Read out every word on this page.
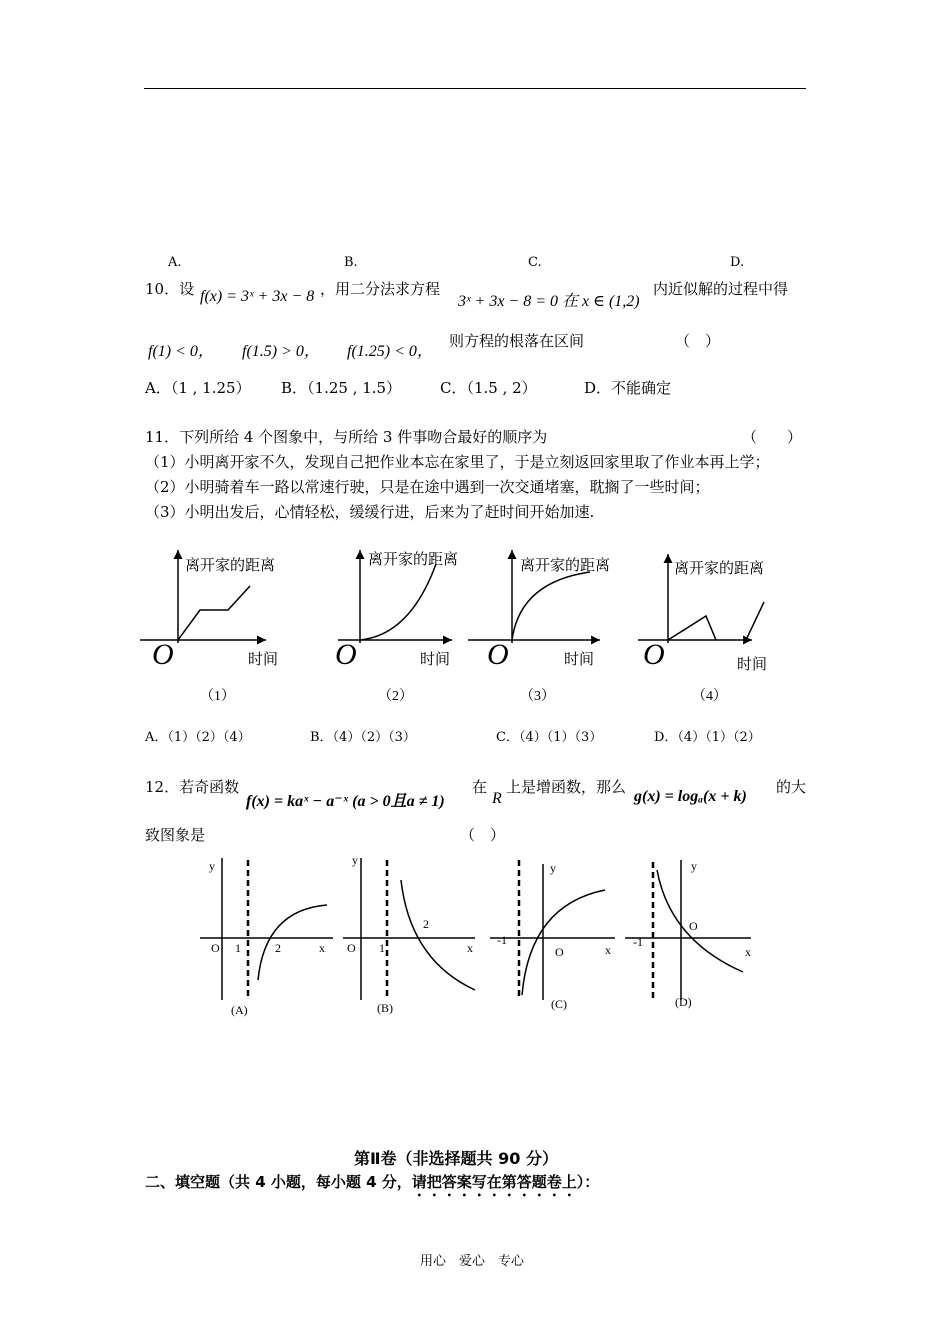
A.	B.	C.	D.
10．设 f(x) = 3ˣ + 3x − 8 ，用二分法求方程
3ˣ + 3x − 8 = 0 在 x ∈ (1,2)
内近似解的过程中得
f(1) < 0， f(1.5) > 0， f(1.25) < 0，
则方程的根落在区间	（　）
A．（1 , 1.25） B．（1.25 , 1.5）	C．（1.5 , 2）	D．不能确定
11．下列所给 4 个图象中，与所给 3 件事吻合最好的顺序为	（　　）
（1）小明离开家不久，发现自己把作业本忘在家里了，于是立刻返回家里取了作业本再上学；
（2）小明骑着车一路以常速行驶，只是在途中遇到一次交通堵塞，耽搁了一些时间；
（3）小明出发后，心情轻松，缓缓行进，后来为了赶时间开始加速.
离开家的距离
时间
O
（1）
离开家的距离
时间
O
（2）
离开家的距离
时间
O
（3）
离开家的距离
时间
O
（4）
A．（1）（2）（4）	B．（4）（2）（3）	C．（4）（1）（3）	D．（4）（1）（2）
12．若奇函数
f(x) = kaˣ − a⁻ˣ (a > 0且a ≠ 1)
在
R
上是增函数，那么
g(x) = logₐ(x + k)
的大
致图象是	（　）
y
x
O 1	2
(A)
y
x
O 1
2
(B)
y
x
-1
O
(C)
y
x
-1
O
(D)
第Ⅱ卷（非选择题共 90 分）
二、填空题（共 4 小题，每小题 4 分，请把答案写在第答题卷上）：
用心　爱心　专心
